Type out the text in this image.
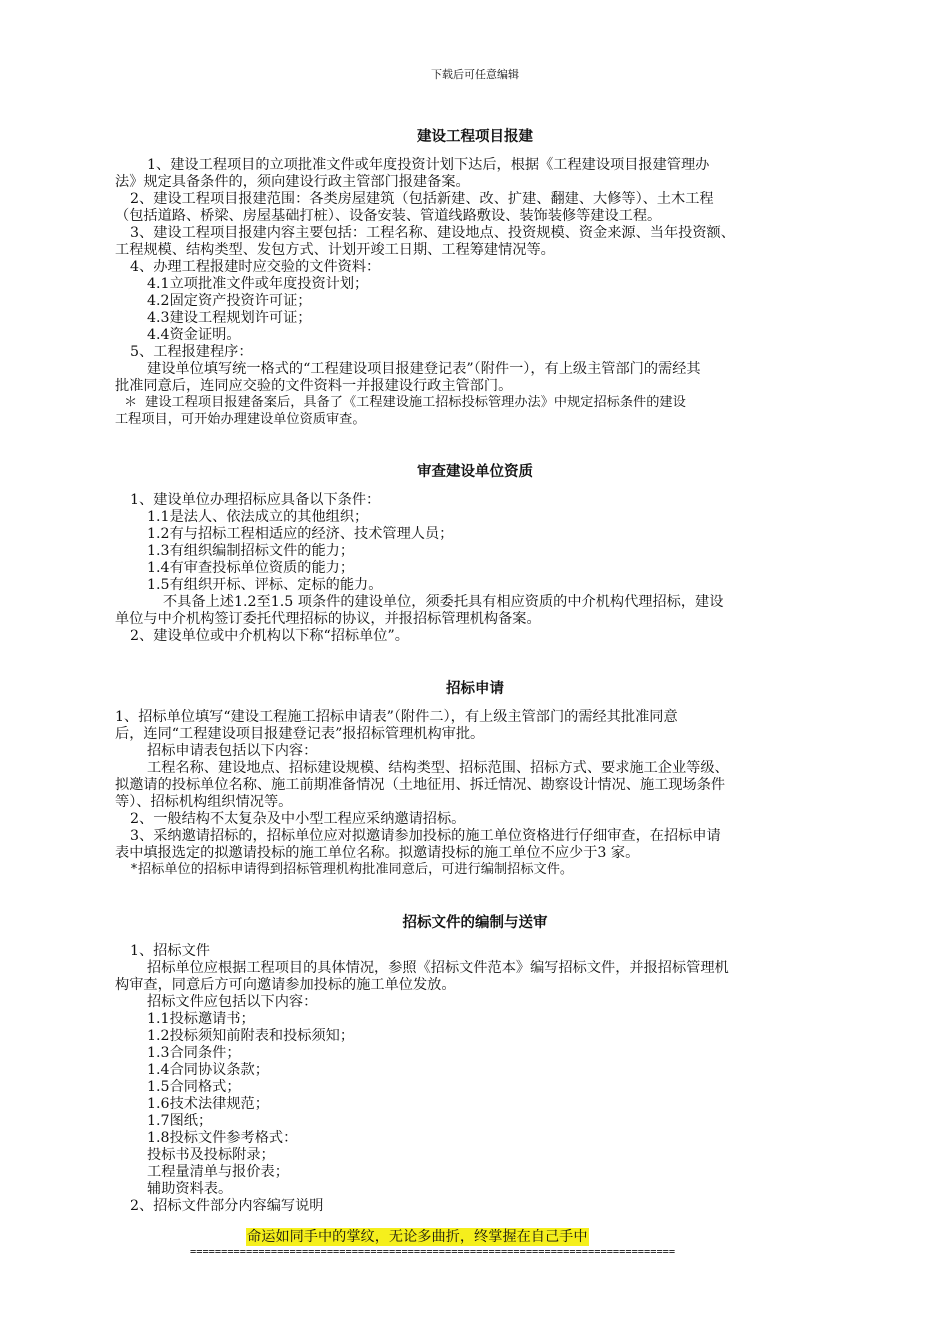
下载后可任意编辑
建设工程项目报建
1、建设工程项目的立项批准文件或年度投资计划下达后，根据《工程建设项目报建管理办
法》规定具备条件的，须向建设行政主管部门报建备案。
2、建设工程项目报建范围：各类房屋建筑（包括新建、改、扩建、翻建、大修等）、土木工程
（包括道路、桥梁、房屋基础打桩）、设备安装、管道线路敷设、装饰装修等建设工程。
3、建设工程项目报建内容主要包括：工程名称、建设地点、投资规模、资金来源、当年投资额、
工程规模、结构类型、发包方式、计划开竣工日期、工程筹建情况等。
4、办理工程报建时应交验的文件资料：
4.1立项批准文件或年度投资计划；
4.2固定资产投资许可证；
4.3建设工程规划许可证；
4.4资金证明。
5、工程报建程序：
建设单位填写统一格式的“工程建设项目报建登记表”（附件一），有上级主管部门的需经其
批准同意后，连同应交验的文件资料一并报建设行政主管部门。
＊ 建设工程项目报建备案后，具备了《工程建设施工招标投标管理办法》中规定招标条件的建设
工程项目，可开始办理建设单位资质审查。
审查建设单位资质
1、建设单位办理招标应具备以下条件：
1.1是法人、依法成立的其他组织；
1.2有与招标工程相适应的经济、技术管理人员；
1.3有组织编制招标文件的能力；
1.4有审查投标单位资质的能力；
1.5有组织开标、评标、定标的能力。
不具备上述1.2至1.5 项条件的建设单位，须委托具有相应资质的中介机构代理招标，建设
单位与中介机构签订委托代理招标的协议，并报招标管理机构备案。
2、建设单位或中介机构以下称“招标单位”。
招标申请
1、招标单位填写“建设工程施工招标申请表”（附件二），有上级主管部门的需经其批准同意
后，连同“工程建设项目报建登记表”报招标管理机构审批。
招标申请表包括以下内容：
工程名称、建设地点、招标建设规模、结构类型、招标范围、招标方式、要求施工企业等级、
拟邀请的投标单位名称、施工前期准备情况（土地征用、拆迁情况、勘察设计情况、施工现场条件
等）、招标机构组织情况等。
2、一般结构不太复杂及中小型工程应采纳邀请招标。
3、采纳邀请招标的，招标单位应对拟邀请参加投标的施工单位资格进行仔细审查，在招标申请
表中填报选定的拟邀请投标的施工单位名称。拟邀请投标的施工单位不应少于3 家。
*招标单位的招标申请得到招标管理机构批准同意后，可进行编制招标文件。
招标文件的编制与送审
1、招标文件
招标单位应根据工程项目的具体情况，参照《招标文件范本》编写招标文件，并报招标管理机
构审查，同意后方可向邀请参加投标的施工单位发放。
招标文件应包括以下内容：
1.1投标邀请书；
1.2投标须知前附表和投标须知；
1.3合同条件；
1.4合同协议条款；
1.5合同格式；
1.6技术法律规范；
1.7图纸；
1.8投标文件参考格式：
投标书及投标附录；
工程量清单与报价表；
辅助资料表。
2、招标文件部分内容编写说明
命运如同手中的掌纹，无论多曲折，终掌握在自己手中
==============================================================================
